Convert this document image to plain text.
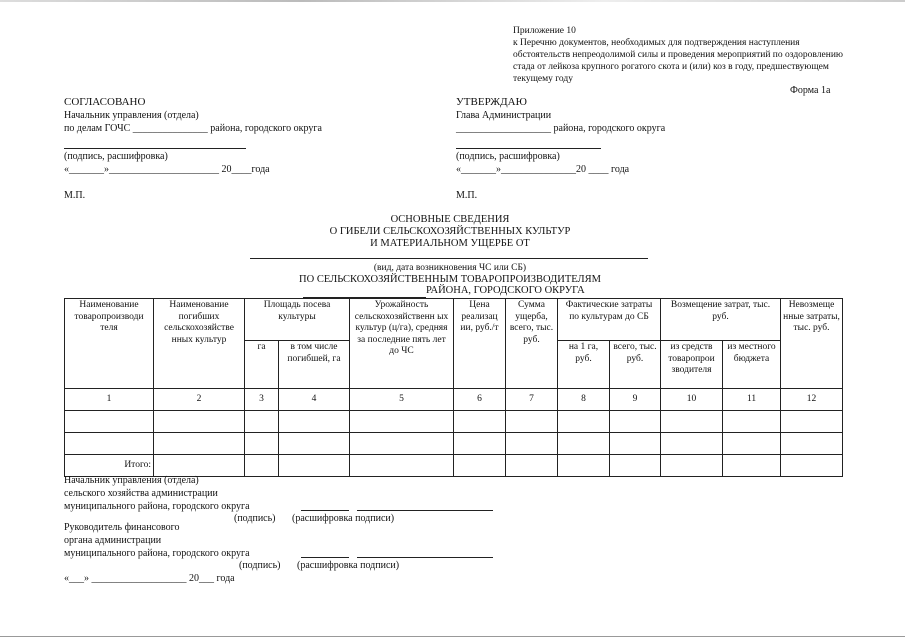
Приложение 10
к Перечню документов, необходимых для подтверждения наступления обстоятельств непреодолимой силы и проведения мероприятий по оздоровлению стада от лейкоза крупного рогатого скота и (или) коз в году, предшествующем текущему году
Форма 1а
СОГЛАСОВАНО
Начальник управления (отдела)
по делам ГОЧС _______________ района, городского округа
(подпись, расшифровка)
«_______»______________________ 20____года
М.П.
УТВЕРЖДАЮ
Глава Администрации
___________________ района, городского округа
(подпись, расшифровка)
«_______»_______________20 ____ года
М.П.
ОСНОВНЫЕ СВЕДЕНИЯ
О ГИБЕЛИ СЕЛЬСКОХОЗЯЙСТВЕННЫХ КУЛЬТУР
И МАТЕРИАЛЬНОМ УЩЕРБЕ ОТ
(вид, дата возникновения ЧС или СБ)
ПО СЕЛЬСКОХОЗЯЙСТВЕННЫМ ТОВАРОПРОИЗВОДИТЕЛЯМ
РАЙОНА, ГОРОДСКОГО ОКРУГА
Наименование товаропроизводи теля	Наименование погибших сельскохозяйстве нных культур	Площадь посева культуры		Урожайность сельскохозяйственн ых культур (ц/га), средняя за последние пять лет до ЧС	Цена реализац ии, руб./т	Сумма ущерба, всего, тыс. руб.	Фактические затраты по культурам до СБ		Возмещение затрат, тыс. руб.		Невозмеще нные затраты, тыс. руб.
		га	в том числе погибшей, га				на 1 га, руб.	всего, тыс. руб.	из средств товаропрои зводителя	из местного бюджета	
1	2	3	4	5	6	7	8	9	10	11	12

Итого:											
Начальник управления (отдела)
сельского хозяйства администрации
муниципального района, городского округа
(подпись) (расшифровка подписи)
Руководитель финансового
органа администрации
муниципального района, городского округа
(подпись) (расшифровка подписи)
«___» ___________________ 20___ года
